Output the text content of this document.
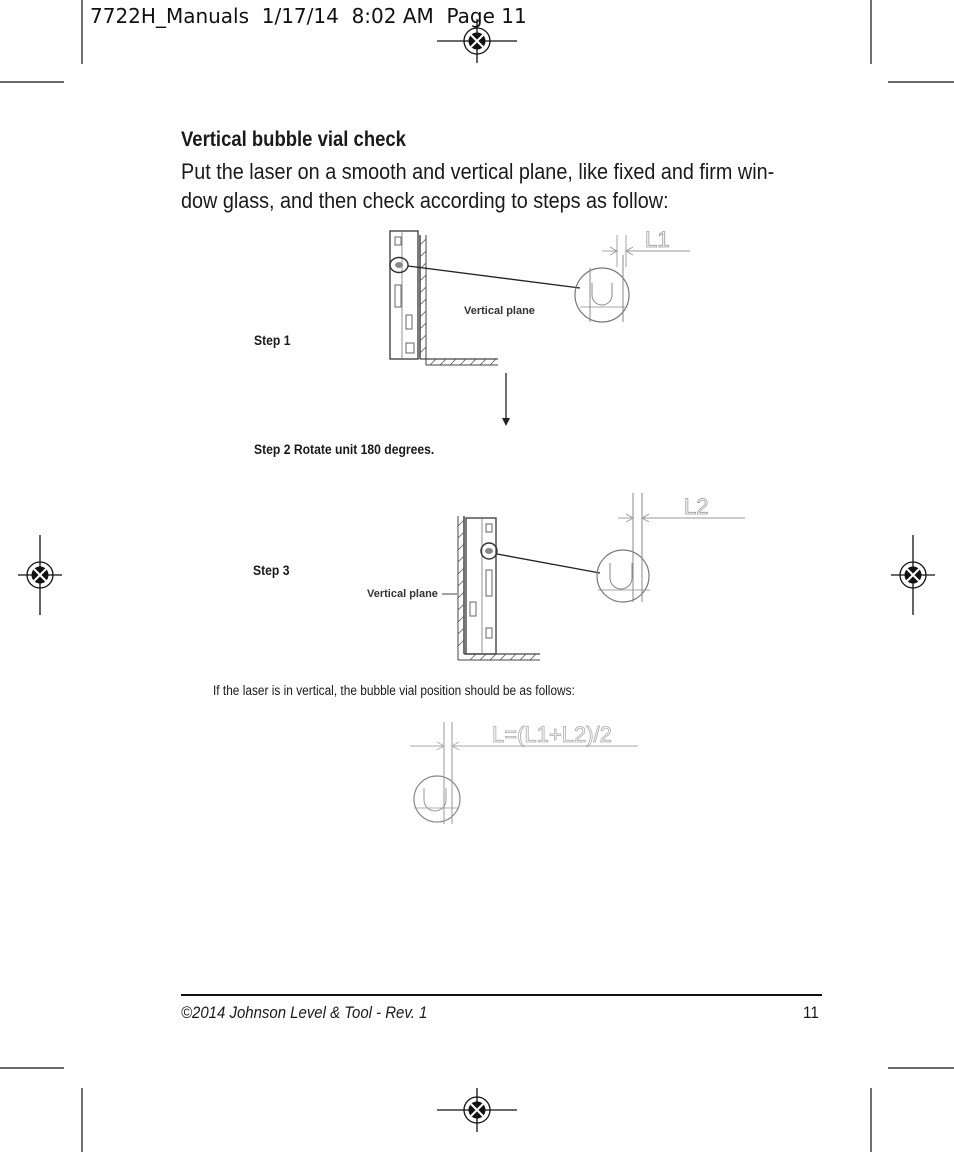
7722H_Manuals  1/17/14  8:02 AM  Page 11
Vertical bubble vial check
Put the laser on a smooth and vertical plane, like fixed and firm win-
dow glass, and then check according to steps as follow:
L1
Vertical plane
Step 1
Step 2 Rotate unit 180 degrees.
Step 3
L2
Vertical plane
If the laser is in vertical, the bubble vial position should be as follows:
L=(L1+L2)/2
©2014 Johnson Level & Tool - Rev. 1	11
